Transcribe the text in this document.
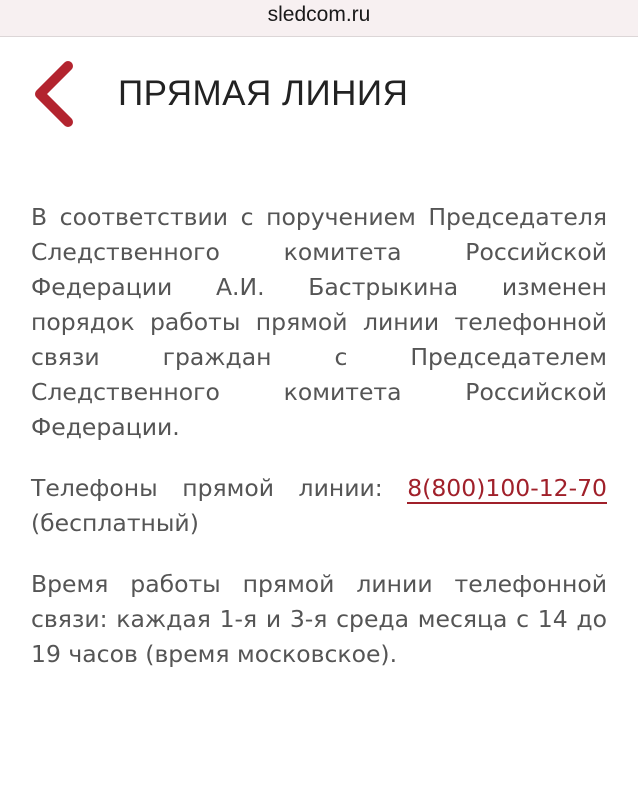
sledcom.ru
ПРЯМАЯ ЛИНИЯ

В соответствии с поручением Председателя Следственного комитета Российской Федерации А.И. Бастрыкина изменен порядок работы прямой линии телефонной связи граждан с Председателем Следственного комитета Российской Федерации.

Телефоны прямой линии: 8(800)100-12-70 (бесплатный)

Время работы прямой линии телефонной связи: каждая 1-я и 3-я среда месяца с 14 до 19 часов (время московское).
